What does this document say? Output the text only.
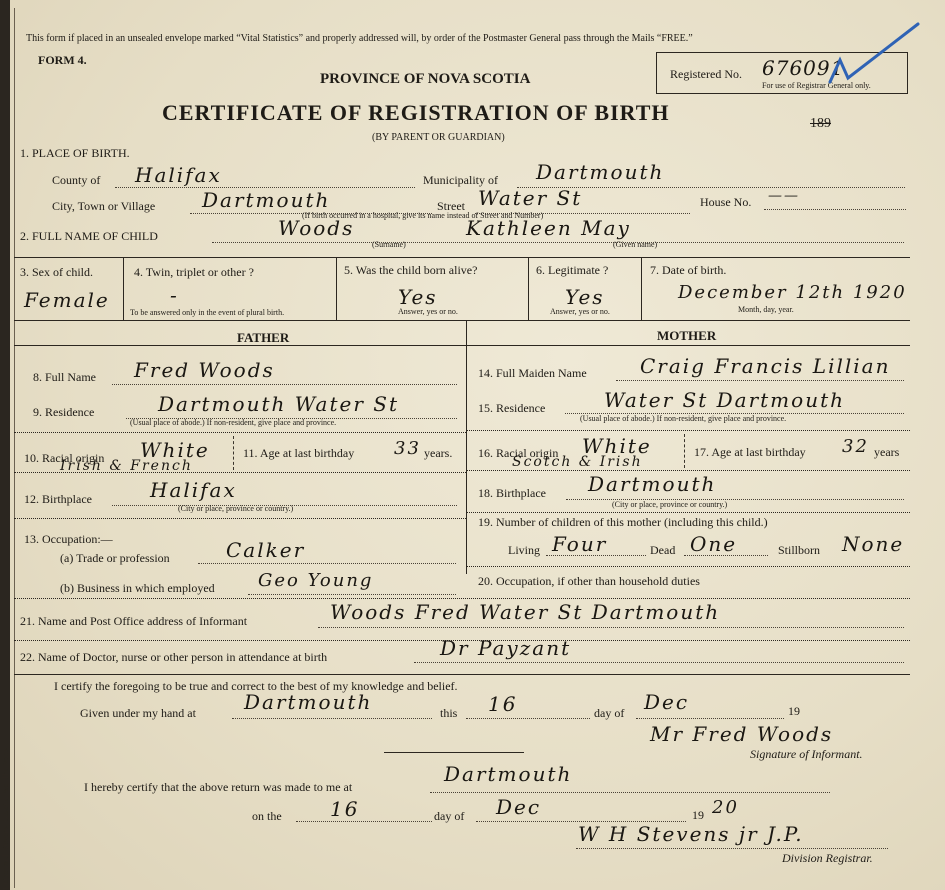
Rutherford, Stevens, Gazette, &c. The Votes
This form if placed in an unsealed envelope marked “Vital Statistics” and properly addressed will, by order of the Postmaster General pass through the Mails “FREE.”
FORM 4.
PROVINCE OF NOVA SCOTIA
CERTIFICATE OF REGISTRATION OF BIRTH
(BY PARENT OR GUARDIAN)
189
Registered No. 676091
For use of Registrar General only.
1. PLACE OF BIRTH.
County of Halifax	Municipality of Dartmouth
City, Town or Village Dartmouth	Street Water St	House No. ——
(If birth occurred in a hospital, give its name instead of Street and Number)
2. FULL NAME OF CHILD	Woods	Kathleen May
(Surname)	(Given name)
3. Sex of child.
Female
4. Twin, triplet or other ?
-
To be answered only in the event of plural birth.
5. Was the child born alive?
Yes
Answer, yes or no.
6. Legitimate ?
Yes
Answer, yes or no.
7. Date of birth.
December 12th 1920
Month, day, year.
FATHER	MOTHER
8. Full Name Fred Woods
9. Residence	Dartmouth Water St
(Usual place of abode.) If non-resident, give place and province.
10. Racial origin White
Irish & French
11. Age at last birthday 33 years.
12. Birthplace	Halifax
(City or place, province or country.)
13. Occupation:—
(a) Trade or profession	Calker
(b) Business in which employed Geo Young
14. Full Maiden Name	Craig Francis Lillian
15. Residence	Water St Dartmouth
(Usual place of abode.) If non-resident, give place and province.
16. Racial origin White
Scotch & Irish
17. Age at last birthday 32 years
18. Birthplace Dartmouth
(City or place, province or country.)
19. Number of children of this mother (including this child.)
Living Four	Dead One	Stillborn None
20. Occupation, if other than household duties
21. Name and Post Office address of Informant	Woods Fred Water St Dartmouth
22. Name of Doctor, nurse or other person in attendance at birth	Dr Payzant
I certify the foregoing to be true and correct to the best of my knowledge and belief.
Given under my hand at Dartmouth	this 16	day of Dec	19
Mr Fred Woods
Signature of Informant.
I hereby certify that the above return was made to me at
Dartmouth
on the 16	day of Dec	19 20
W H Stevens jr J.P.
Division Registrar.
